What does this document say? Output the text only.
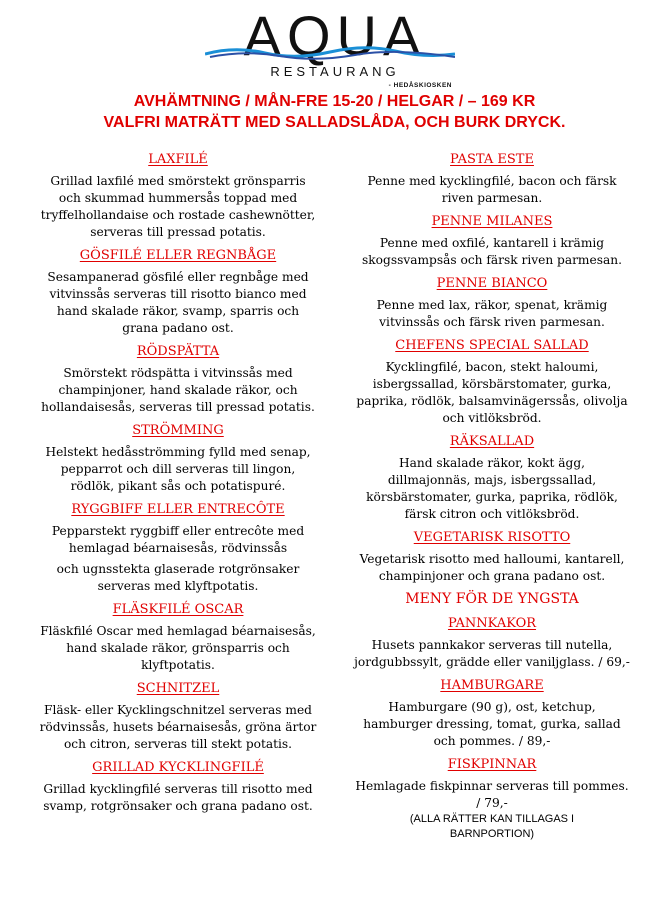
AQUA
RESTAURANG
- HEDÅSKIOSKEN
AVHÄMTNING / MÅN-FRE 15-20 / HELGAR / – 169 KR
VALFRI MATRÄTT MED SALLADSLÅDA, OCH BURK DRYCK.
LAXFILÉ
Grillad laxfilé med smörstekt grönsparris
och skummad hummersås toppad med
tryffelhollandaise och rostade cashewnötter,
serveras till pressad potatis.
GÖSFILÉ ELLER REGNBÅGE
Sesampanerad gösfilé eller regnbåge med
vitvinssås serveras till risotto bianco med
hand skalade räkor, svamp, sparris och
grana padano ost.
RÖDSPÄTTA
Smörstekt rödspätta i vitvinssås med
champinjoner, hand skalade räkor, och
hollandaisesås, serveras till pressad potatis.
STRÖMMING
Helstekt hedåsströmming fylld med senap,
pepparrot och dill serveras till lingon,
rödlök, pikant sås och potatispuré.
RYGGBIFF ELLER ENTRECÔTE
Pepparstekt ryggbiff eller entrecôte med
hemlagad béarnaisesås, rödvinssås
och ugnsstekta glaserade rotgrönsaker
serveras med klyftpotatis.
FLÄSKFILÉ OSCAR
Fläskfilé Oscar med hemlagad béarnaisesås,
hand skalade räkor, grönsparris och
klyftpotatis.
SCHNITZEL
Fläsk- eller Kycklingschnitzel serveras med
rödvinssås, husets béarnaisesås, gröna ärtor
och citron, serveras till stekt potatis.
GRILLAD KYCKLINGFILÉ
Grillad kycklingfilé serveras till risotto med
svamp, rotgrönsaker och grana padano ost.
PASTA ESTE
Penne med kycklingfilé, bacon och färsk
riven parmesan.
PENNE MILANES
Penne med oxfilé, kantarell i krämig
skogssvampsås och färsk riven parmesan.
PENNE BIANCO
Penne med lax, räkor, spenat, krämig
vitvinssås och färsk riven parmesan.
CHEFENS SPECIAL SALLAD
Kycklingfilé, bacon, stekt haloumi,
isbergssallad, körsbärstomater, gurka,
paprika, rödlök, balsamvinägerssås, olivolja
och vitlöksbröd.
RÄKSALLAD
Hand skalade räkor, kokt ägg,
dillmajonnäs, majs, isbergssallad,
körsbärstomater, gurka, paprika, rödlök,
färsk citron och vitlöksbröd.
VEGETARISK RISOTTO
Vegetarisk risotto med halloumi, kantarell,
champinjoner och grana padano ost.
MENY FÖR DE YNGSTA
PANNKAKOR
Husets pannkakor serveras till nutella,
jordgubbssylt, grädde eller vaniljglass. / 69,-
HAMBURGARE
Hamburgare (90 g), ost, ketchup,
hamburger dressing, tomat, gurka, sallad
och pommes. / 89,-
FISKPINNAR
Hemlagade fiskpinnar serveras till pommes.
/ 79,-
(ALLA RÄTTER KAN TILLAGAS I
BARNPORTION)
